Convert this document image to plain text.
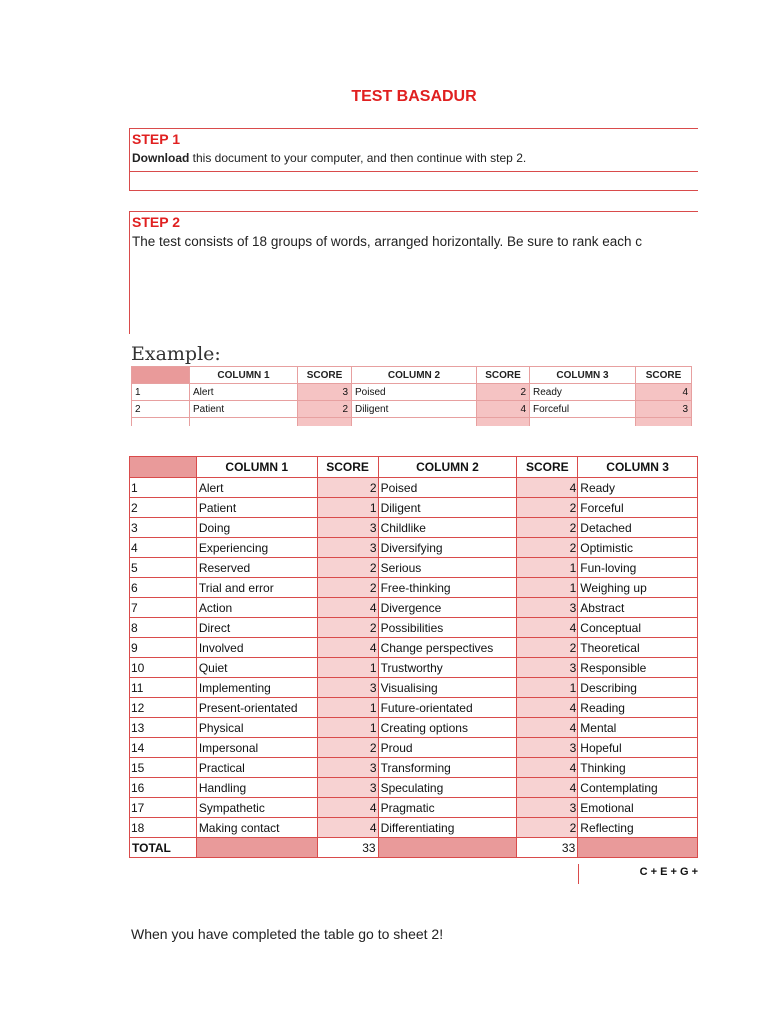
TEST BASADUR
STEP 1
Download this document to your computer, and then continue with step 2.
STEP 2
The test consists of 18 groups of words, arranged horizontally. Be sure to rank each c
Example:
	COLUMN 1	SCORE	COLUMN 2	SCORE	COLUMN 3	SCORE
1	Alert	3	Poised	2	Ready	4
2	Patient	2	Diligent	4	Forceful	3

	COLUMN 1	SCORE	COLUMN 2	SCORE	COLUMN 3
1	Alert	2	Poised	4	Ready
2	Patient	1	Diligent	2	Forceful
3	Doing	3	Childlike	2	Detached
4	Experiencing	3	Diversifying	2	Optimistic
5	Reserved	2	Serious	1	Fun-loving
6	Trial and error	2	Free-thinking	1	Weighing up
7	Action	4	Divergence	3	Abstract
8	Direct	2	Possibilities	4	Conceptual
9	Involved	4	Change perspectives	2	Theoretical
10	Quiet	1	Trustworthy	3	Responsible
11	Implementing	3	Visualising	1	Describing
12	Present-orientated	1	Future-orientated	4	Reading
13	Physical	1	Creating options	4	Mental
14	Impersonal	2	Proud	3	Hopeful
15	Practical	3	Transforming	4	Thinking
16	Handling	3	Speculating	4	Contemplating
17	Sympathetic	4	Pragmatic	3	Emotional
18	Making contact	4	Differentiating	2	Reflecting
TOTAL		33		33	
C + E + G +
When you have completed the table go to sheet 2!
